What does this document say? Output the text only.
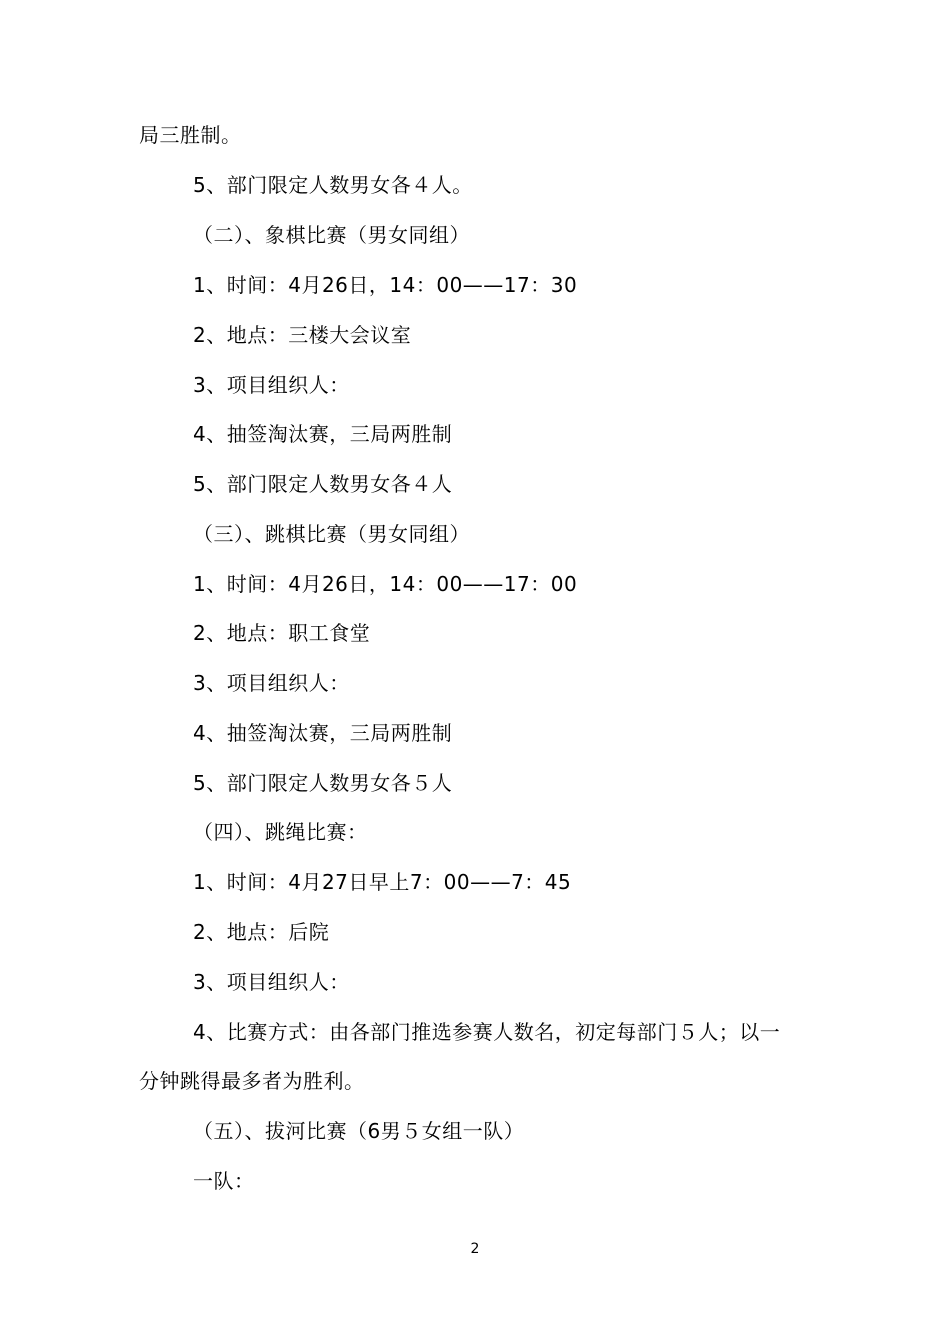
局三胜制。
5、部门限定人数男女各４人。
（二）、象棋比赛（男女同组）
1、时间：4月26日，14：00——17：30
2、地点：三楼大会议室
3、项目组织人：
4、抽签淘汰赛，三局两胜制
5、部门限定人数男女各４人
（三）、跳棋比赛（男女同组）
1、时间：4月26日，14：00——17：00
2、地点：职工食堂
3、项目组织人：
4、抽签淘汰赛，三局两胜制
5、部门限定人数男女各５人
（四）、跳绳比赛：
1、时间：4月27日早上7：00——7：45
2、地点：后院
3、项目组织人：
4、比赛方式：由各部门推选参赛人数名，初定每部门５人；以一
分钟跳得最多者为胜利。
（五）、拔河比赛（6男５女组一队）
一队：
2
